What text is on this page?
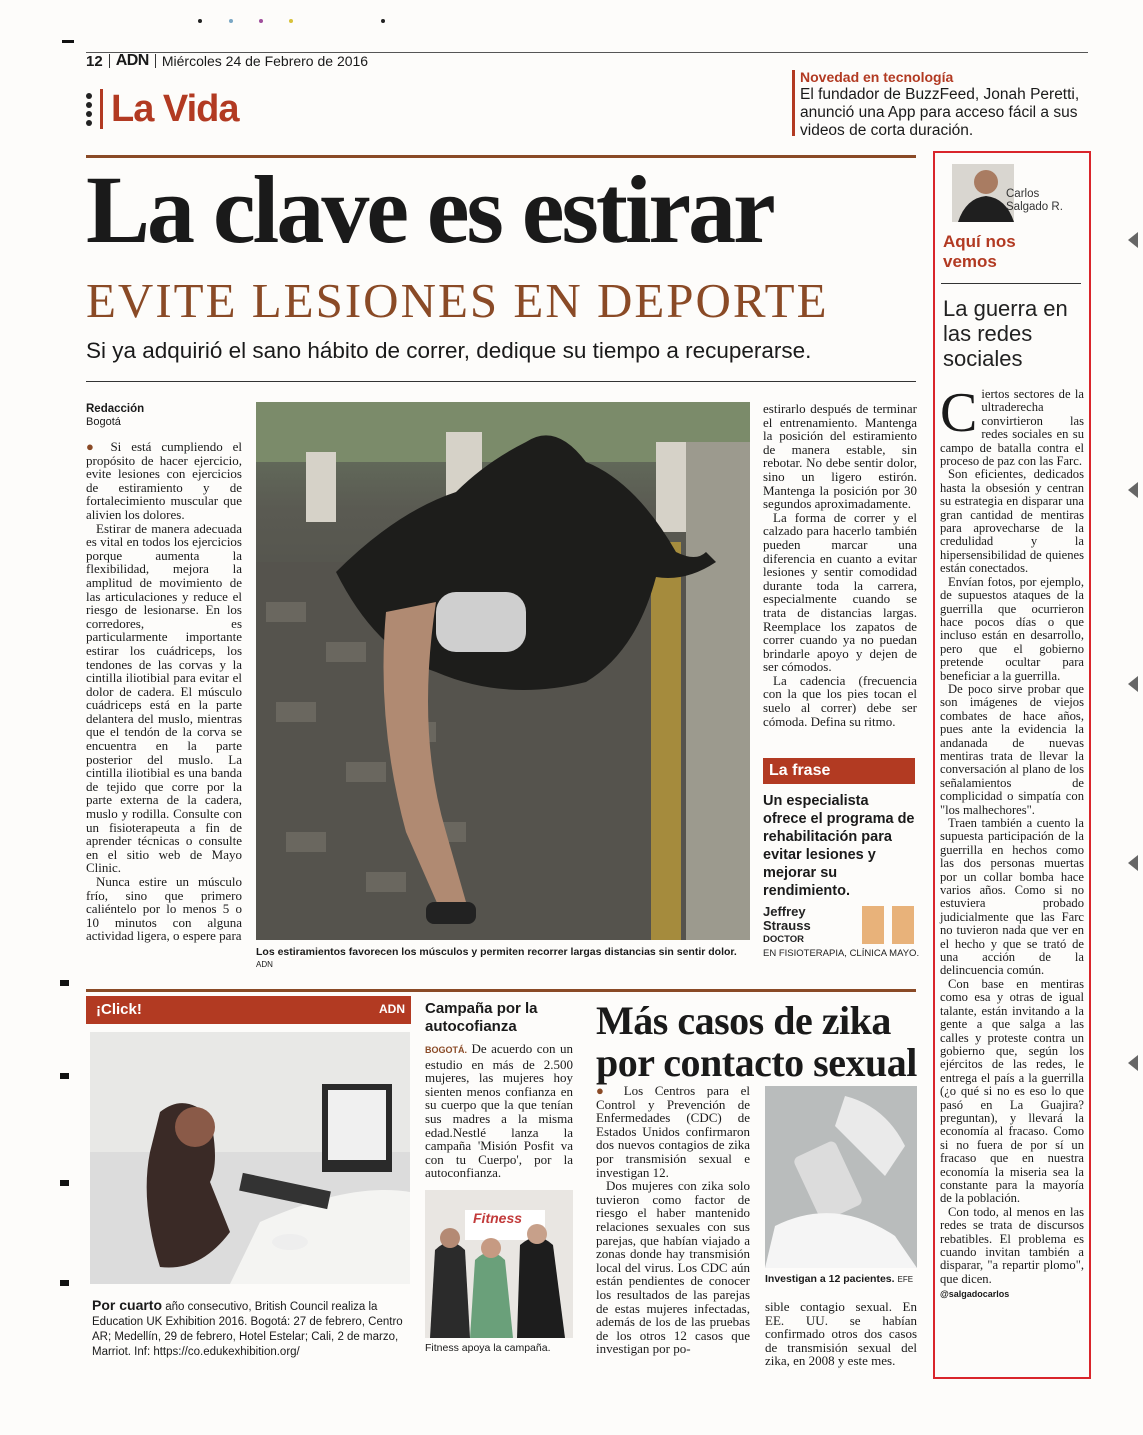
12 ADN Miércoles 24 de Febrero de 2016
La Vida
Novedad en tecnología
El fundador de BuzzFeed, Jonah Peretti, anunció una App para acceso fácil a sus videos de corta duración.
La clave es estirar
EVITE LESIONES EN DEPORTE
Si ya adquirió el sano hábito de correr, dedique su tiempo a recuperarse.
Redacción
Bogotá

● Si está cumpliendo el propósito de hacer ejercicio, evite lesiones con ejercicios de estiramiento y de fortalecimiento muscular que alivien los dolores.

Estirar de manera adecuada es vital en todos los ejercicios porque aumenta la flexibilidad, mejora la amplitud de movimiento de las articulaciones y reduce el riesgo de lesionarse. En los corredores, es particularmente importante estirar los cuádriceps, los tendones de las corvas y la cintilla iliotibial para evitar el dolor de cadera. El músculo cuádriceps está en la parte delantera del muslo, mientras que el tendón de la corva se encuentra en la parte posterior del muslo. La cintilla iliotibial es una banda de tejido que corre por la parte externa de la cadera, muslo y rodilla. Consulte con un fisioterapeuta a fin de aprender técnicas o consulte en el sitio web de Mayo Clinic.

Nunca estire un músculo frío, sino que primero caliéntelo por lo menos 5 o 10 minutos con alguna actividad ligera, o espere para

Los estiramientos favorecen los músculos y permiten recorrer largas distancias sin sentir dolor. ADN

estirarlo después de terminar el entrenamiento. Mantenga la posición del estiramiento de manera estable, sin rebotar. No debe sentir dolor, sino un ligero estirón. Mantenga la posición por 30 segundos aproximadamente.

La forma de correr y el calzado para hacerlo también pueden marcar una diferencia en cuanto a evitar lesiones y sentir comodidad durante toda la carrera, especialmente cuando se trata de distancias largas. Reemplace los zapatos de correr cuando ya no puedan brindarle apoyo y dejen de ser cómodos.

La cadencia (frecuencia con la que los pies tocan el suelo al correr) debe ser cómoda. Defina su ritmo.

La frase
Un especialista ofrece el programa de rehabilitación para evitar lesiones y mejorar su rendimiento.
Jeffrey
Strauss
DOCTOR
EN FISIOTERAPIA, CLÍNICA MAYO.
¡Click!	ADN
Por cuarto año consecutivo, British Council realiza la Education UK Exhibition 2016. Bogotá: 27 de febrero, Centro AR; Medellín, 29 de febrero, Hotel Estelar; Cali, 2 de marzo, Marriot. Inf: https://co.edukexhibition.org/
Campaña por la autocofianza

BOGOTÁ. De acuerdo con un estudio en más de 2.500 mujeres, las mujeres hoy sienten menos confianza en su cuerpo que la que tenían sus madres a la misma edad.Nestlé lanza la campaña 'Misión Posfit va con tu Cuerpo', por la autoconfianza.

Fitness
Fitness apoya la campaña.
Más casos de zika por contacto sexual

● Los Centros para el Control y Prevención de Enfermedades (CDC) de Estados Unidos confirmaron dos nuevos contagios de zika por transmisión sexual e investigan 12.

Dos mujeres con zika solo tuvieron como factor de riesgo el haber mantenido relaciones sexuales con sus parejas, que habían viajado a zonas donde hay transmisión local del virus. Los CDC aún están pendientes de conocer los resultados de las parejas de estas mujeres infectadas, además de los de las pruebas de los otros 12 casos que investigan por po-

Investigan a 12 pacientes. EFE

sible contagio sexual. En EE. UU. se habían confirmado otros dos casos de transmisión sexual del zika, en 2008 y este mes.

Carlos
Salgado R.
Aquí nos vemos
La guerra en las redes sociales

Ciertos sectores de la ultraderecha convirtieron las redes sociales en su campo de batalla contra el proceso de paz con las Farc.

Son eficientes, dedicados hasta la obsesión y centran su estrategia en disparar una gran cantidad de mentiras para aprovecharse de la credulidad y la hipersensibilidad de quienes están conectados.

Envían fotos, por ejemplo, de supuestos ataques de la guerrilla que ocurrieron hace pocos días o que incluso están en desarrollo, pero que el gobierno pretende ocultar para beneficiar a la guerrilla.

De poco sirve probar que son imágenes de viejos combates de hace años, pues ante la evidencia la andanada de nuevas mentiras trata de llevar la conversación al plano de los señalamientos de complicidad o simpatía con "los malhechores".

Traen también a cuento la supuesta participación de la guerrilla en hechos como las dos personas muertas por un collar bomba hace varios años. Como si no estuviera probado judicialmente que las Farc no tuvieron nada que ver en el hecho y que se trató de una acción de la delincuencia común.

Con base en mentiras como esa y otras de igual talante, están invitando a la gente a que salga a las calles y proteste contra un gobierno que, según los ejércitos de las redes, le entrega el país a la guerrilla (¿o qué si no es eso lo que pasó en La Guajira? preguntan), y llevará la economía al fracaso. Como si no fuera de por sí un fracaso que en nuestra economía la miseria sea la constante para la mayoría de la población.

Con todo, al menos en las redes se trata de discursos rebatibles. El problema es cuando invitan también a disparar, "a repartir plomo", que dicen.

@salgadocarlos
